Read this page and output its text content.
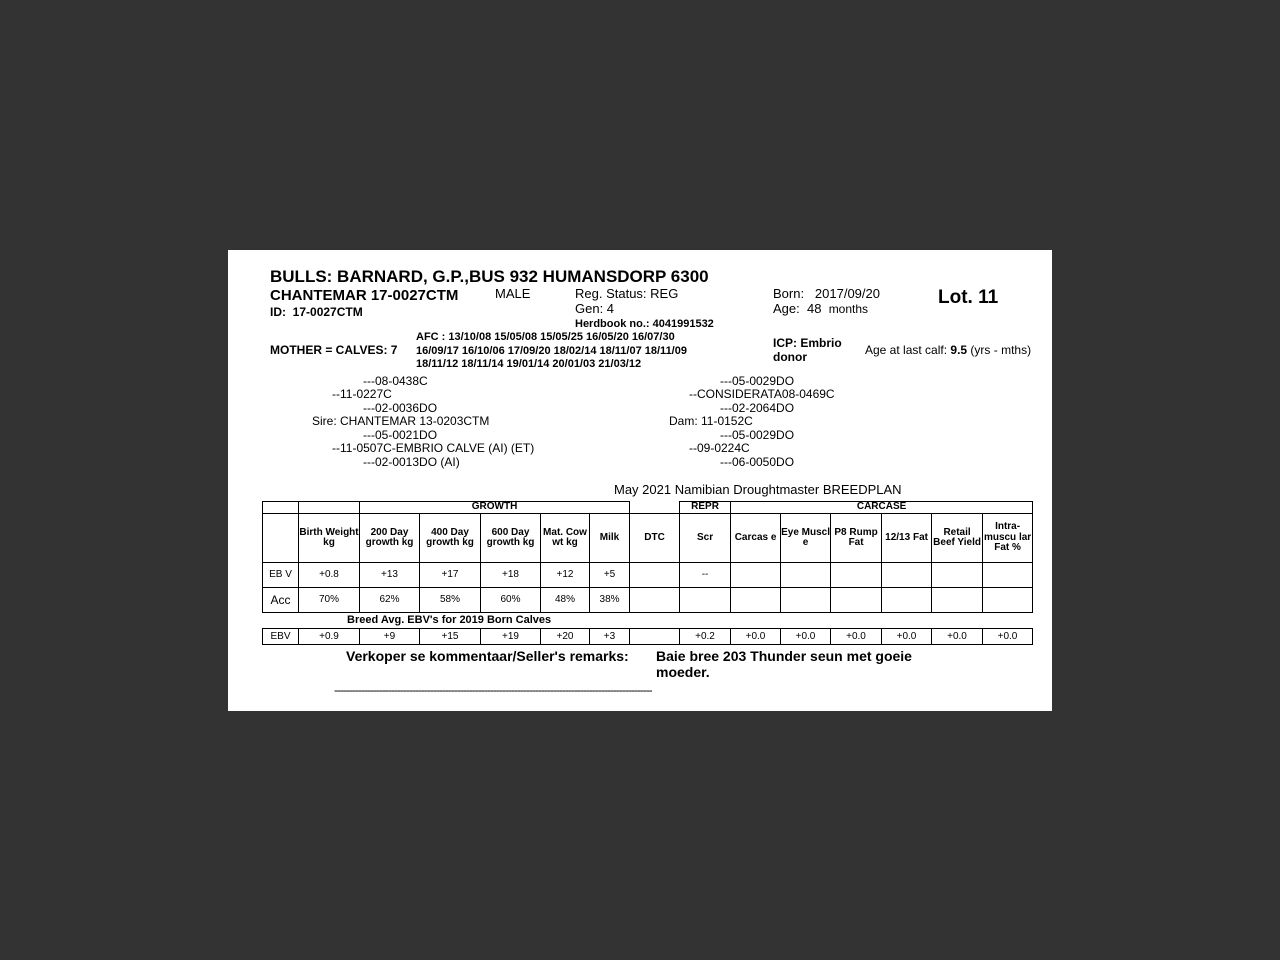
BULLS: BARNARD, G.P.,BUS 932 HUMANSDORP 6300
CHANTEMAR 17-0027CTM	MALE
ID: 17-0027CTM
Reg. Status: REG
Gen: 4
Herdbook no.: 4041991532
Born: 2017/09/20
Age: 48 months
Lot. 11
AFC : 13/10/08 15/05/08 15/05/25 16/05/20 16/07/30
MOTHER = CALVES: 7 16/09/17 16/10/06 17/09/20 18/02/14 18/11/07 18/11/09
18/11/12 18/11/14 19/01/14 20/01/03 21/03/12
ICP: Embrio
donor	Age at last calf: 9.5 (yrs - mths)
---08-0438C
--11-0227C
---02-0036DO
Sire: CHANTEMAR 13-0203CTM
---05-0021DO
--11-0507C-EMBRIO CALVE (AI) (ET)
---02-0013DO (AI)
---05-0029DO
--CONSIDERATA08-0469C
---02-2064DO
Dam: 11-0152C
---05-0029DO
--09-0224C
---06-0050DO
May 2021 Namibian Droughtmaster BREEDPLAN
		GROWTH						REPR	CARCASE					
	Birth Weight kg	200 Day growth kg	400 Day growth kg	600 Day growth kg	Mat. Cow wt kg	Milk	DTC	Scr	Carcas e	Eye Muscl e	P8 Rump Fat	12/13 Fat	Retail Beef Yield	Intra- muscu lar Fat %
EB V	+0.8	+13	+17	+18	+12	+5		--						
Acc	70%	62%	58%	60%	48%	38%								
Breed Avg. EBV's for 2019 Born Calves
EBV	+0.9	+9	+15	+19	+20	+3		+0.2	+0.0	+0.0	+0.0	+0.0	+0.0	+0.0
Verkoper se kommentaar/Seller's remarks: Baie bree 203 Thunder seun met goeie
moeder.
----------------------------------------------------------------------------------------------------------
